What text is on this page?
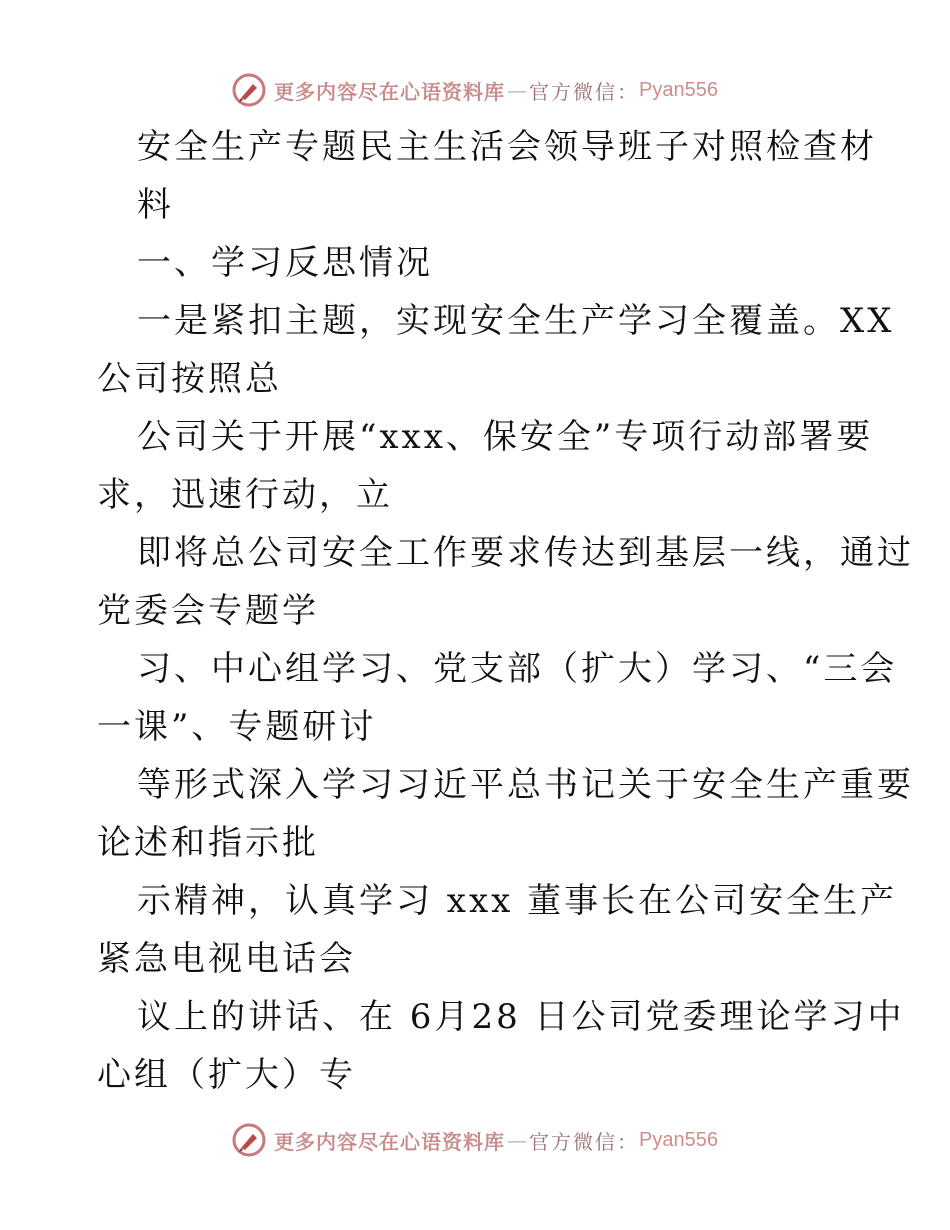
更多内容尽在心语资料库 — 官方微信： Pyan556
安全生产专题民主生活会领导班子对照检查材
料
一、学习反思情况
一是紧扣主题，实现安全生产学习全覆盖。XX
公司按照总
公司关于开展“xxx、保安全”专项行动部署要
求，迅速行动，立
即将总公司安全工作要求传达到基层一线，通过
党委会专题学
习、中心组学习、党支部（扩大）学习、“三会
一课”、专题研讨
等形式深入学习习近平总书记关于安全生产重要
论述和指示批
示精神，认真学习 xxx 董事长在公司安全生产
紧急电视电话会
议上的讲话、在 6月28 日公司党委理论学习中
心组（扩大）专
更多内容尽在心语资料库 — 官方微信： Pyan556
